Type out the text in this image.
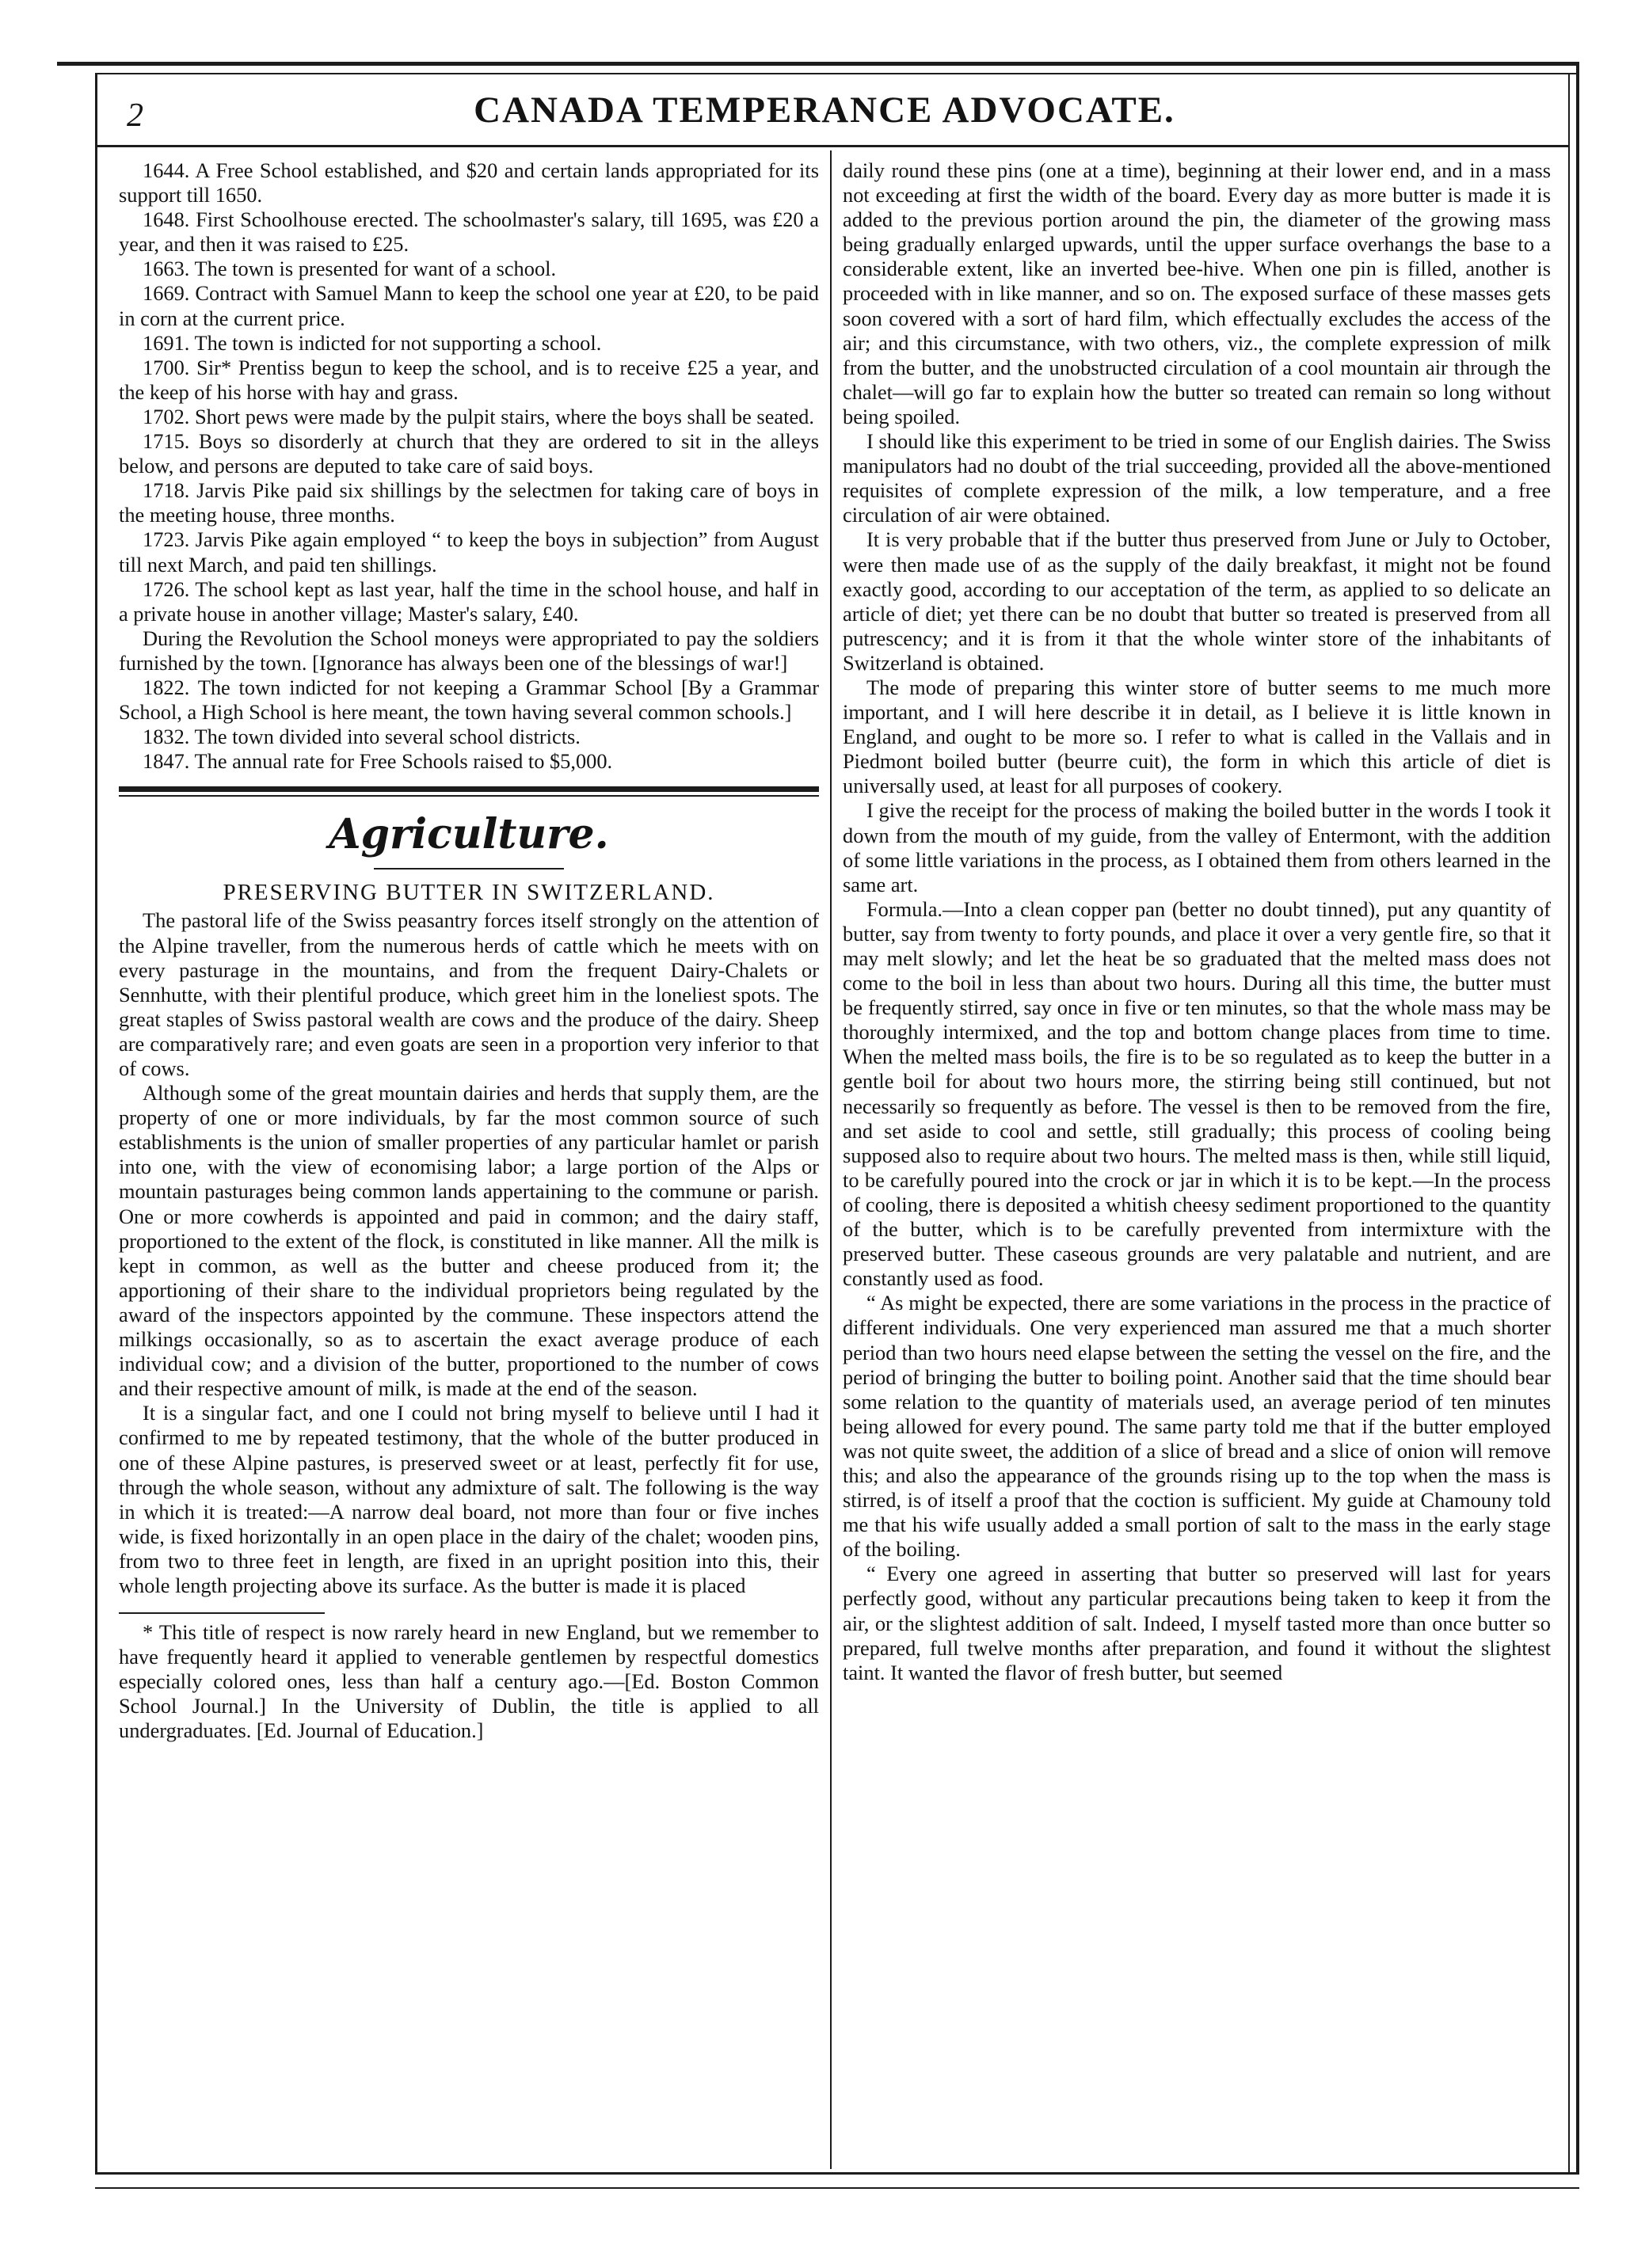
2	CANADA TEMPERANCE ADVOCATE.

1644. A Free School established, and $20 and certain lands appropriated for its support till 1650.

1648. First Schoolhouse erected. The schoolmaster's salary, till 1695, was £20 a year, and then it was raised to £25.

1663. The town is presented for want of a school.

1669. Contract with Samuel Mann to keep the school one year at £20, to be paid in corn at the current price.

1691. The town is indicted for not supporting a school.

1700. Sir* Prentiss begun to keep the school, and is to receive £25 a year, and the keep of his horse with hay and grass.

1702. Short pews were made by the pulpit stairs, where the boys shall be seated.

1715. Boys so disorderly at church that they are ordered to sit in the alleys below, and persons are deputed to take care of said boys.

1718. Jarvis Pike paid six shillings by the selectmen for taking care of boys in the meeting house, three months.

1723. Jarvis Pike again employed “ to keep the boys in subjection” from August till next March, and paid ten shillings.

1726. The school kept as last year, half the time in the school house, and half in a private house in another village; Master's salary, £40.

During the Revolution the School moneys were appropriated to pay the soldiers furnished by the town. [Ignorance has always been one of the blessings of war!]

1822. The town indicted for not keeping a Grammar School [By a Grammar School, a High School is here meant, the town having several common schools.]

1832. The town divided into several school districts.

1847. The annual rate for Free Schools raised to $5,000.

Agriculture.
PRESERVING BUTTER IN SWITZERLAND.

The pastoral life of the Swiss peasantry forces itself strongly on the attention of the Alpine traveller, from the numerous herds of cattle which he meets with on every pasturage in the mountains, and from the frequent Dairy-Chalets or Sennhutte, with their plentiful produce, which greet him in the loneliest spots. The great staples of Swiss pastoral wealth are cows and the produce of the dairy. Sheep are comparatively rare; and even goats are seen in a proportion very inferior to that of cows.

Although some of the great mountain dairies and herds that supply them, are the property of one or more individuals, by far the most common source of such establishments is the union of smaller properties of any particular hamlet or parish into one, with the view of economising labor; a large portion of the Alps or mountain pasturages being common lands appertaining to the commune or parish. One or more cowherds is appointed and paid in common; and the dairy staff, proportioned to the extent of the flock, is constituted in like manner. All the milk is kept in common, as well as the butter and cheese produced from it; the apportioning of their share to the individual proprietors being regulated by the award of the inspectors appointed by the commune. These inspectors attend the milkings occasionally, so as to ascertain the exact average produce of each individual cow; and a division of the butter, proportioned to the number of cows and their respective amount of milk, is made at the end of the season.

It is a singular fact, and one I could not bring myself to believe until I had it confirmed to me by repeated testimony, that the whole of the butter produced in one of these Alpine pastures, is preserved sweet or at least, perfectly fit for use, through the whole season, without any admixture of salt. The following is the way in which it is treated:—A narrow deal board, not more than four or five inches wide, is fixed horizontally in an open place in the dairy of the chalet; wooden pins, from two to three feet in length, are fixed in an upright position into this, their whole length projecting above its surface. As the butter is made it is placed

* This title of respect is now rarely heard in new England, but we remember to have frequently heard it applied to venerable gentlemen by respectful domestics especially colored ones, less than half a century ago.—[Ed. Boston Common School Journal.] In the University of Dublin, the title is applied to all undergraduates. [Ed. Journal of Education.]

daily round these pins (one at a time), beginning at their lower end, and in a mass not exceeding at first the width of the board. Every day as more butter is made it is added to the previous portion around the pin, the diameter of the growing mass being gradually enlarged upwards, until the upper surface overhangs the base to a considerable extent, like an inverted bee-hive. When one pin is filled, another is proceeded with in like manner, and so on. The exposed surface of these masses gets soon covered with a sort of hard film, which effectually excludes the access of the air; and this circumstance, with two others, viz., the complete expression of milk from the butter, and the unobstructed circulation of a cool mountain air through the chalet—will go far to explain how the butter so treated can remain so long without being spoiled.

I should like this experiment to be tried in some of our English dairies. The Swiss manipulators had no doubt of the trial succeeding, provided all the above-mentioned requisites of complete expression of the milk, a low temperature, and a free circulation of air were obtained.

It is very probable that if the butter thus preserved from June or July to October, were then made use of as the supply of the daily breakfast, it might not be found exactly good, according to our acceptation of the term, as applied to so delicate an article of diet; yet there can be no doubt that butter so treated is preserved from all putrescency; and it is from it that the whole winter store of the inhabitants of Switzerland is obtained.

The mode of preparing this winter store of butter seems to me much more important, and I will here describe it in detail, as I believe it is little known in England, and ought to be more so. I refer to what is called in the Vallais and in Piedmont boiled butter (beurre cuit), the form in which this article of diet is universally used, at least for all purposes of cookery.

I give the receipt for the process of making the boiled butter in the words I took it down from the mouth of my guide, from the valley of Entermont, with the addition of some little variations in the process, as I obtained them from others learned in the same art.

Formula.—Into a clean copper pan (better no doubt tinned), put any quantity of butter, say from twenty to forty pounds, and place it over a very gentle fire, so that it may melt slowly; and let the heat be so graduated that the melted mass does not come to the boil in less than about two hours. During all this time, the butter must be frequently stirred, say once in five or ten minutes, so that the whole mass may be thoroughly intermixed, and the top and bottom change places from time to time. When the melted mass boils, the fire is to be so regulated as to keep the butter in a gentle boil for about two hours more, the stirring being still continued, but not necessarily so frequently as before. The vessel is then to be removed from the fire, and set aside to cool and settle, still gradually; this process of cooling being supposed also to require about two hours. The melted mass is then, while still liquid, to be carefully poured into the crock or jar in which it is to be kept.—In the process of cooling, there is deposited a whitish cheesy sediment proportioned to the quantity of the butter, which is to be carefully prevented from intermixture with the preserved butter. These caseous grounds are very palatable and nutrient, and are constantly used as food.

“ As might be expected, there are some variations in the process in the practice of different individuals. One very experienced man assured me that a much shorter period than two hours need elapse between the setting the vessel on the fire, and the period of bringing the butter to boiling point. Another said that the time should bear some relation to the quantity of materials used, an average period of ten minutes being allowed for every pound. The same party told me that if the butter employed was not quite sweet, the addition of a slice of bread and a slice of onion will remove this; and also the appearance of the grounds rising up to the top when the mass is stirred, is of itself a proof that the coction is sufficient. My guide at Chamouny told me that his wife usually added a small portion of salt to the mass in the early stage of the boiling.

“ Every one agreed in asserting that butter so preserved will last for years perfectly good, without any particular precautions being taken to keep it from the air, or the slightest addition of salt. Indeed, I myself tasted more than once butter so prepared, full twelve months after preparation, and found it without the slightest taint. It wanted the flavor of fresh butter, but seemed
